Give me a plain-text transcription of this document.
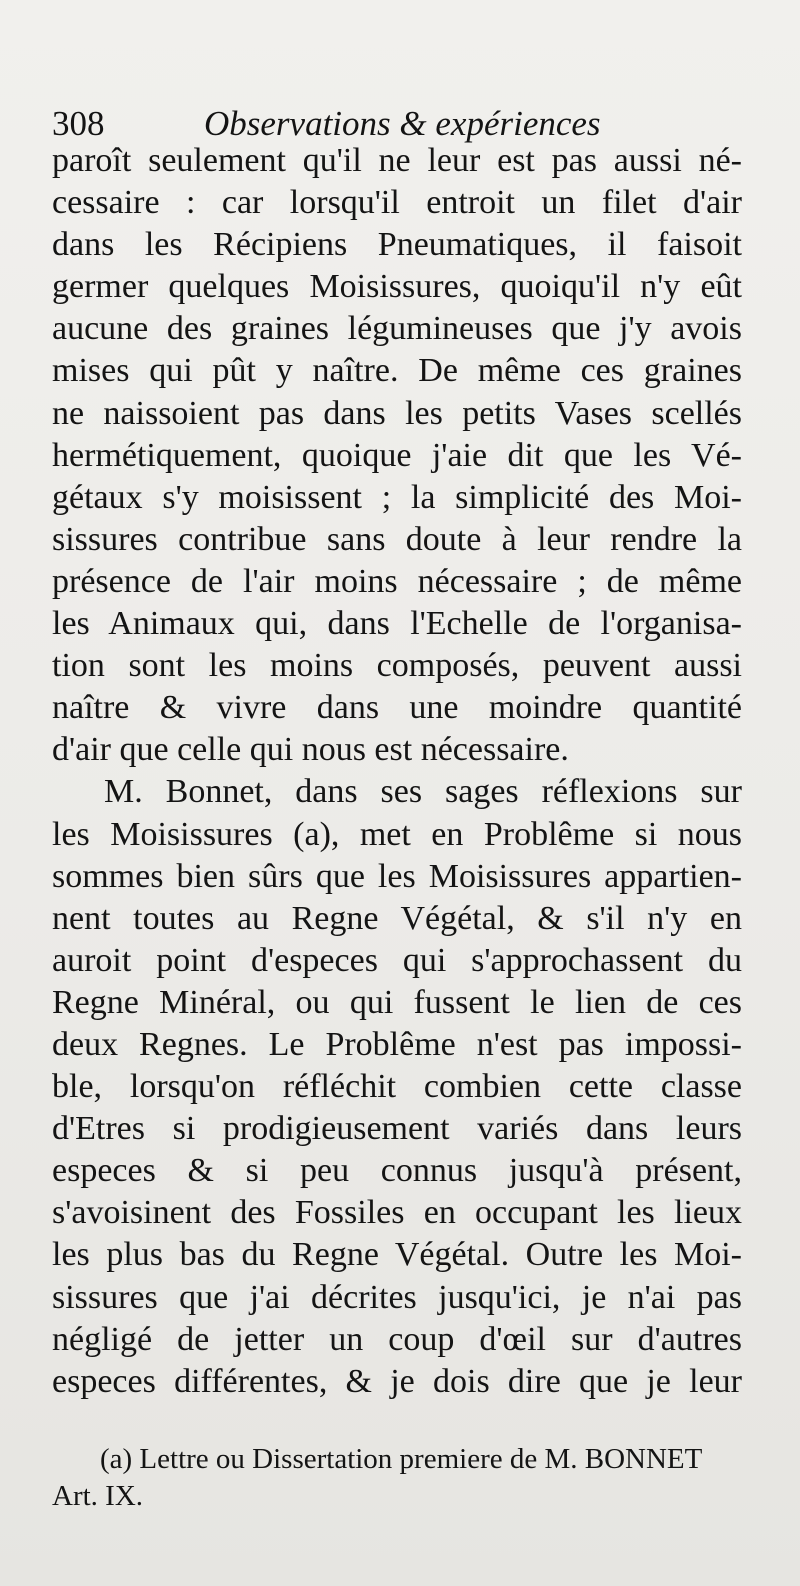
308	Observations & expériences
paroît seulement qu'il ne leur est pas aussi né-
cessaire : car lorsqu'il entroit un filet d'air
dans les Récipiens Pneumatiques, il faisoit
germer quelques Moisissures, quoiqu'il n'y eût
aucune des graines légumineuses que j'y avois
mises qui pût y naître. De même ces graines
ne naissoient pas dans les petits Vases scellés
hermétiquement, quoique j'aie dit que les Vé-
gétaux s'y moisissent ; la simplicité des Moi-
sissures contribue sans doute à leur rendre la
présence de l'air moins nécessaire ; de même
les Animaux qui, dans l'Echelle de l'organisa-
tion sont les moins composés, peuvent aussi
naître & vivre dans une moindre quantité
d'air que celle qui nous est nécessaire.
M. Bonnet, dans ses sages réflexions sur
les Moisissures (a), met en Problême si nous
sommes bien sûrs que les Moisissures appartien-
nent toutes au Regne Végétal, & s'il n'y en
auroit point d'especes qui s'approchassent du
Regne Minéral, ou qui fussent le lien de ces
deux Regnes. Le Problême n'est pas impossi-
ble, lorsqu'on réfléchit combien cette classe
d'Etres si prodigieusement variés dans leurs
especes & si peu connus jusqu'à présent,
s'avoisinent des Fossiles en occupant les lieux
les plus bas du Regne Végétal. Outre les Moi-
sissures que j'ai décrites jusqu'ici, je n'ai pas
négligé de jetter un coup d'œil sur d'autres
especes différentes, & je dois dire que je leur
(a) Lettre ou Dissertation premiere de M. BONNET
Art. IX.
